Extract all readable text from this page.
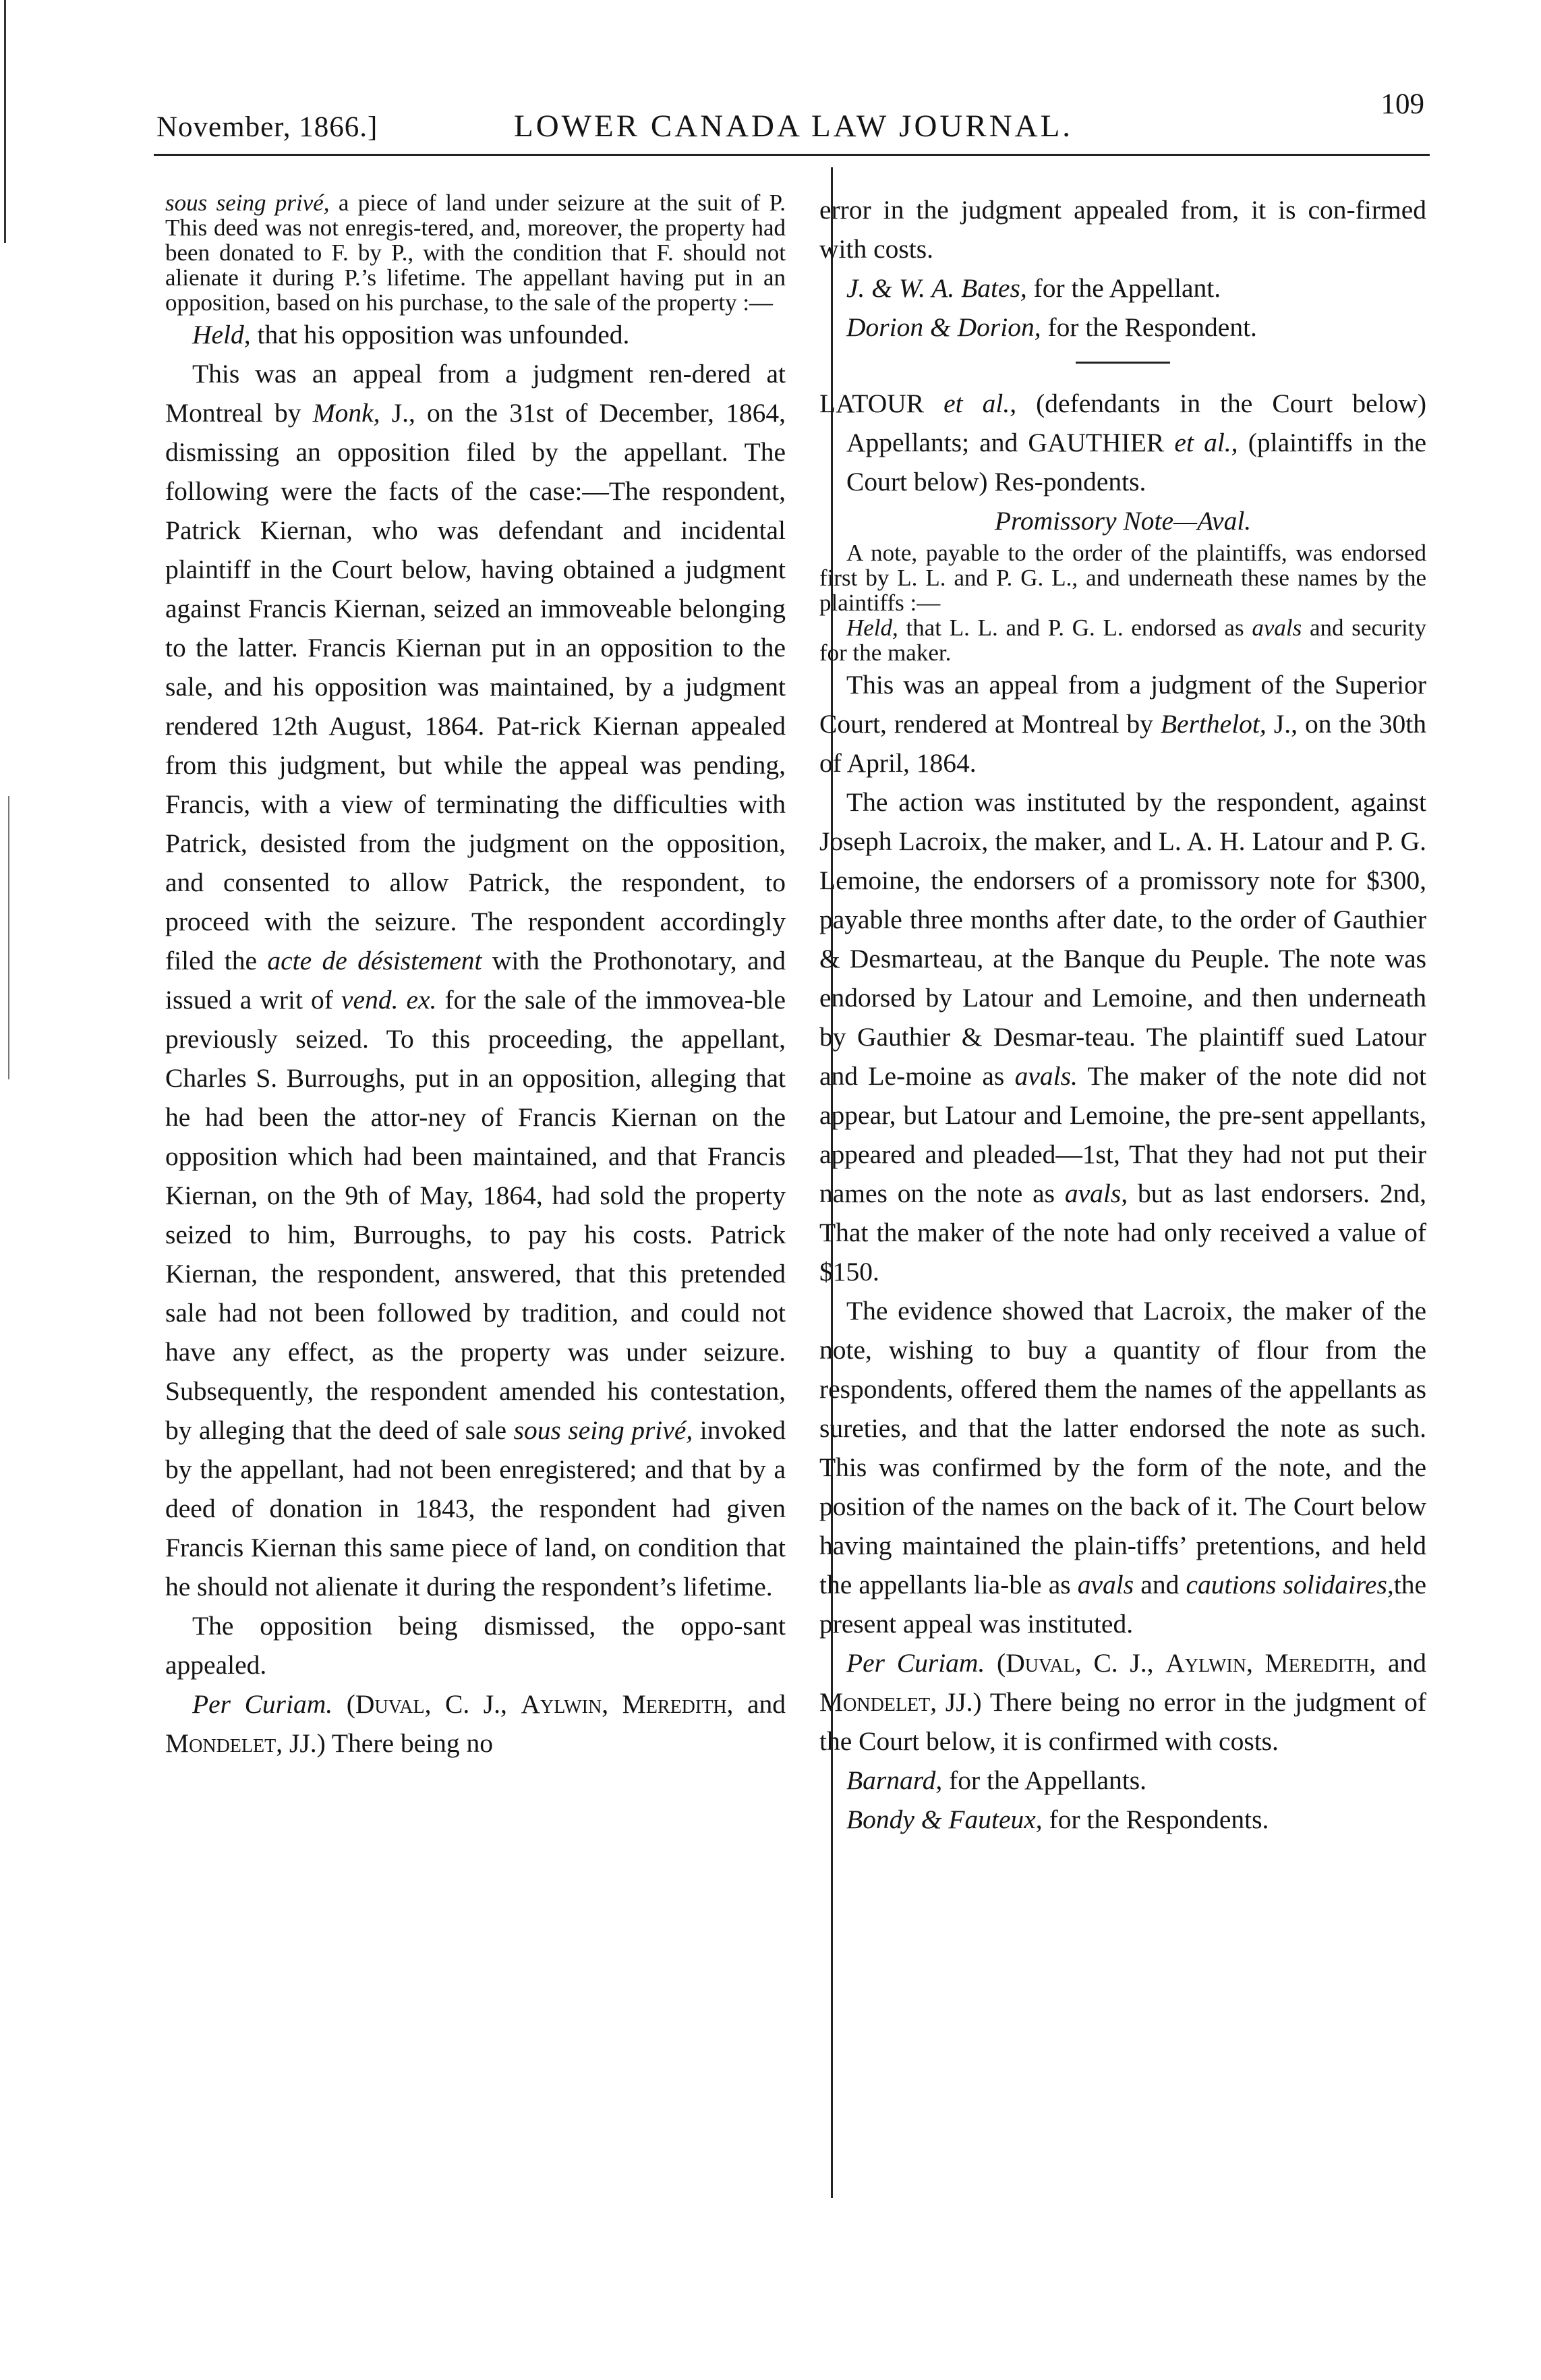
November, 1866.]	LOWER CANADA LAW JOURNAL.
109

sous seing privé, a piece of land under seizure at the suit of P. This deed was not enregis-tered, and, moreover, the property had been donated to F. by P., with the condition that F. should not alienate it during P.’s lifetime. The appellant having put in an opposition, based on his purchase, to the sale of the property :—

Held, that his opposition was unfounded.

This was an appeal from a judgment ren-dered at Montreal by Monk, J., on the 31st of December, 1864, dismissing an opposition filed by the appellant. The following were the facts of the case:—The respondent, Patrick Kiernan, who was defendant and incidental plaintiff in the Court below, having obtained a judgment against Francis Kiernan, seized an immoveable belonging to the latter. Francis Kiernan put in an opposition to the sale, and his opposition was maintained, by a judgment rendered 12th August, 1864. Pat-rick Kiernan appealed from this judgment, but while the appeal was pending, Francis, with a view of terminating the difficulties with Patrick, desisted from the judgment on the opposition, and consented to allow Patrick, the respondent, to proceed with the seizure. The respondent accordingly filed the acte de désistement with the Prothonotary, and issued a writ of vend. ex. for the sale of the immovea-ble previously seized. To this proceeding, the appellant, Charles S. Burroughs, put in an opposition, alleging that he had been the attor-ney of Francis Kiernan on the opposition which had been maintained, and that Francis Kiernan, on the 9th of May, 1864, had sold the property seized to him, Burroughs, to pay his costs. Patrick Kiernan, the respondent, answered, that this pretended sale had not been followed by tradition, and could not have any effect, as the property was under seizure. Subsequently, the respondent amended his contestation, by alleging that the deed of sale sous seing privé, invoked by the appellant, had not been enregistered; and that by a deed of donation in 1843, the respondent had given Francis Kiernan this same piece of land, on condition that he should not alienate it during the respondent’s lifetime.

The opposition being dismissed, the oppo-sant appealed.

Per Curiam. (Duval, C. J., Aylwin, Meredith, and Mondelet, JJ.) There being no

error in the judgment appealed from, it is con-firmed with costs.

J. & W. A. Bates, for the Appellant.

Dorion & Dorion, for the Respondent.

LATOUR et al., (defendants in the Court below) Appellants; and GAUTHIER et al., (plaintiffs in the Court below) Res-pondents.

Promissory Note—Aval.

A note, payable to the order of the plaintiffs, was endorsed first by L. L. and P. G. L., and underneath these names by the plaintiffs :—

Held, that L. L. and P. G. L. endorsed as avals and security for the maker.

This was an appeal from a judgment of the Superior Court, rendered at Montreal by Berthelot, J., on the 30th of April, 1864.

The action was instituted by the respondent, against Joseph Lacroix, the maker, and L. A. H. Latour and P. G. Lemoine, the endorsers of a promissory note for $300, payable three months after date, to the order of Gauthier & Desmarteau, at the Banque du Peuple. The note was endorsed by Latour and Lemoine, and then underneath by Gauthier & Desmar-teau. The plaintiff sued Latour and Le-moine as avals. The maker of the note did not appear, but Latour and Lemoine, the pre-sent appellants, appeared and pleaded—1st, That they had not put their names on the note as avals, but as last endorsers. 2nd, That the maker of the note had only received a value of $150.

The evidence showed that Lacroix, the maker of the note, wishing to buy a quantity of flour from the respondents, offered them the names of the appellants as sureties, and that the latter endorsed the note as such. This was confirmed by the form of the note, and the position of the names on the back of it. The Court below having maintained the plain-tiffs’ pretentions, and held the appellants lia-ble as avals and cautions solidaires,the present appeal was instituted.

Per Curiam. (Duval, C. J., Aylwin, Meredith, and Mondelet, JJ.) There being no error in the judgment of the Court below, it is confirmed with costs.

Barnard, for the Appellants.

Bondy & Fauteux, for the Respondents.
